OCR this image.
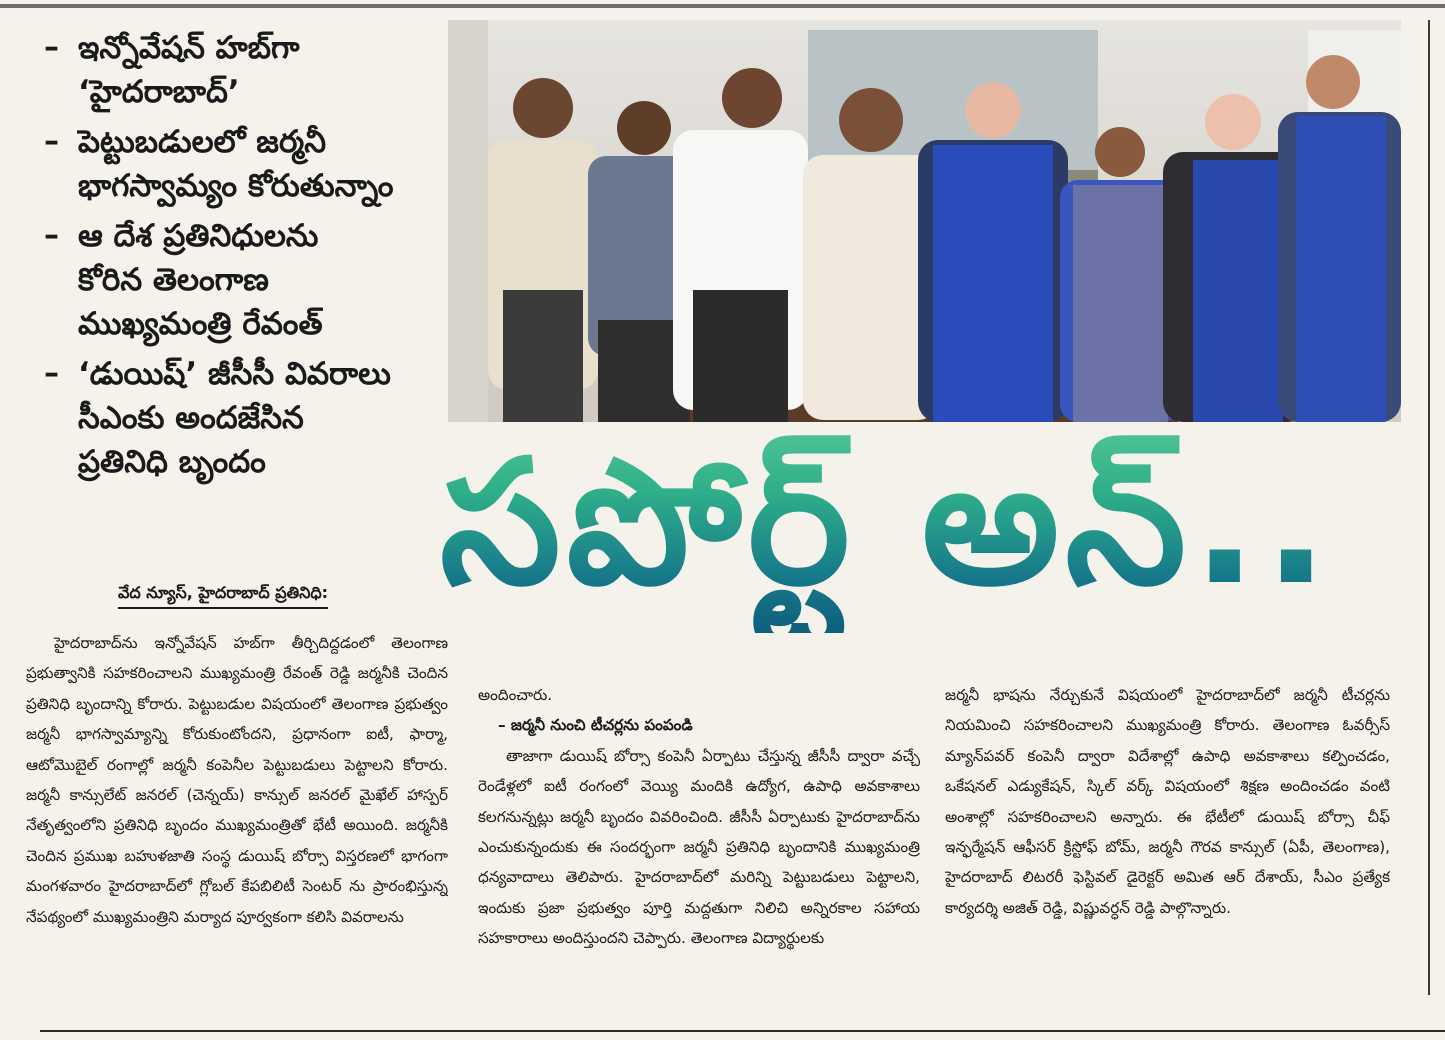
– ఇన్నోవేషన్ హబ్‌గా
‘హైదరాబాద్’
– పెట్టుబడులలో జర్మనీ
భాగస్వామ్యం కోరుతున్నాం
– ఆ దేశ ప్రతినిధులను
కోరిన తెలంగాణ
ముఖ్యమంత్రి రేవంత్
– ‘డుయిష్’ జీసీసీ వివరాలు
సీఎంకు అందజేసిన
ప్రతినిధి బృందం
వేద న్యూస్, హైదరాబాద్ ప్రతినిధి: సపోర్ట్ అన్..

హైదరాబాద్‌ను ఇన్నోవేషన్ హబ్‌గా తీర్చిదిద్దడంలో తెలంగాణ ప్రభుత్వానికి సహకరించాలని ముఖ్యమంత్రి రేవంత్ రెడ్డి జర్మనీకి చెందిన ప్రతినిధి బృందాన్ని కోరారు. పెట్టుబడుల విషయంలో తెలంగాణ ప్రభుత్వం జర్మనీ భాగస్వామ్యాన్ని కోరుకుంటోందని, ప్రధానంగా ఐటీ, ఫార్మా, ఆటోమొబైల్ రంగాల్లో జర్మనీ కంపెనీల పెట్టుబడులు పెట్టాలని కోరారు. జర్మనీ కాన్సులేట్ జనరల్ (చెన్నయ్) కాన్సుల్ జనరల్ మైఖేల్ హాస్పర్ నేతృత్వంలోని ప్రతినిధి బృందం ముఖ్యమంత్రితో భేటీ అయింది. జర్మనీకి చెందిన ప్రముఖ బహుళజాతి సంస్థ డుయిష్ బోర్సా విస్తరణలో భాగంగా మంగళవారం హైదరాబాద్‌లో గ్లోబల్ కేపబిలిటీ సెంటర్ ను ప్రారంభిస్తున్న నేపథ్యంలో ముఖ్యమంత్రిని మర్యాద పూర్వకంగా కలిసి వివరాలను

అందించారు.

– జర్మనీ నుంచి టీచర్లను పంపండి

తాజాగా డుయిష్ బోర్సా కంపెనీ ఏర్పాటు చేస్తున్న జీసీసీ ద్వారా వచ్చే రెండేళ్లలో ఐటీ రంగంలో వెయ్యి మందికి ఉద్యోగ, ఉపాధి అవకాశాలు కలగనున్నట్లు జర్మనీ బృందం వివరించింది. జీసీసీ ఏర్పాటుకు హైదరాబాద్‌ను ఎంచుకున్నందుకు ఈ సందర్భంగా జర్మనీ ప్రతినిధి బృందానికి ముఖ్యమంత్రి ధన్యవాదాలు తెలిపారు. హైదరాబాద్‌లో మరిన్ని పెట్టుబడులు పెట్టాలని, ఇందుకు ప్రజా ప్రభుత్వం పూర్తి మద్దతుగా నిలిచి అన్నిరకాల సహాయ సహకారాలు అందిస్తుందని చెప్పారు. తెలంగాణ విద్యార్థులకు

జర్మనీ భాషను నేర్చుకునే విషయంలో హైదరాబాద్‌లో జర్మనీ టీచర్లను నియమించి సహకరించాలని ముఖ్యమంత్రి కోరారు. తెలంగాణ ఓవర్సీస్ మ్యాన్‌పవర్ కంపెనీ ద్వారా విదేశాల్లో ఉపాధి అవకాశాలు కల్పించడం, ఒకేషనల్ ఎడ్యుకేషన్, స్కిల్ వర్క్ విషయంలో శిక్షణ అందించడం వంటి అంశాల్లో సహకరించాలని అన్నారు. ఈ భేటీలో డుయిష్ బోర్సా చీఫ్ ఇన్ఫర్మేషన్ ఆఫీసర్ క్రిస్టోఫ్ బోమ్, జర్మనీ గౌరవ కాన్సుల్ (ఏపీ, తెలంగాణ), హైదరాబాద్ లిటరరీ ఫెస్టివల్ డైరెక్టర్ అమిత ఆర్ దేశాయ్, సీఎం ప్రత్యేక కార్యదర్శి అజిత్ రెడ్డి, విష్ణువర్ధన్ రెడ్డి పాల్గొన్నారు.
